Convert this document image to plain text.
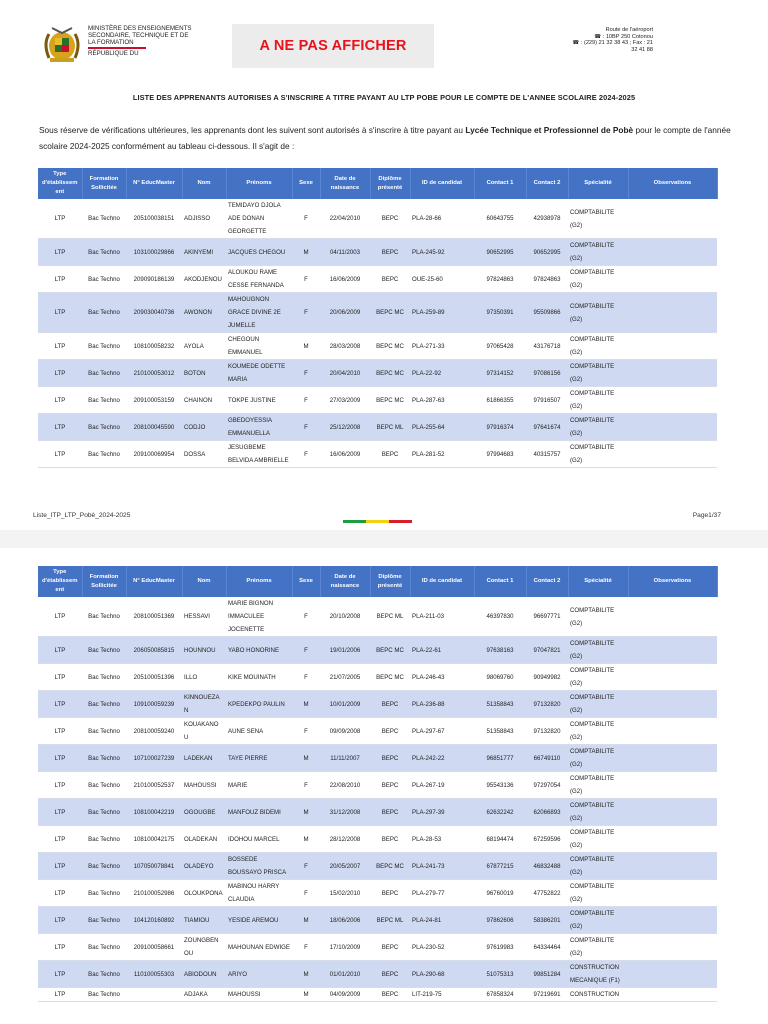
MINISTÈRE DES ENSEIGNEMENTS
SECONDAIRE, TECHNIQUE ET DE
LA FORMATION
RÉPUBLIQUE DU	A NE PAS AFFICHER
Route de l'aéroport
☎ : 10BP 250 Cotonou
☎ : (229) 21 32 38 43 ; Fax : 21
32 41 88
LISTE DES APPRENANTS AUTORISES A S'INSCRIRE A TITRE PAYANT AU LTP POBE POUR LE COMPTE DE L'ANNEE SCOLAIRE 2024-2025
Sous réserve de vérifications ultérieures, les apprenants dont les suivent sont autorisés à s'inscrire à titre payant au Lycée Technique et Professionnel de Pobè pour le compte de l'année scolaire 2024-2025 conformément au tableau ci-dessous. Il s'agit de :
Type d'établissem ent	Formation Sollicitée	N° EducMaster	Nom	Prénoms	Sexe	Date de naissance	Diplôme présenté	ID de candidat	Contact 1	Contact 2	Spécialité	Observations
LTP	Bac Techno	205100038151	ADJISSO	TEMIDAYO DJOLA ADE DONAN GEORGETTE	F	22/04/2010	BEPC	PLA-28-66	60643755	42938978	COMPTABILITE (G2)	
LTP	Bac Techno	103100029866	AKINYEMI	JACQUES CHEGOU	M	04/11/2003	BEPC	PLA-245-92	90652995	90652995	COMPTABILITE (G2)	
LTP	Bac Techno	209090186139	AKODJENOU	ALOUKOU RAME CESSE FERNANDA	F	16/06/2009	BEPC	OUE-25-60	97824863	97824863	COMPTABILITE (G2)	
LTP	Bac Techno	209030040736	AWONON	MAHOUGNON GRACE DIVINE 2E JUMELLE	F	20/06/2009	BEPC MC	PLA-259-89	97350391	95509866	COMPTABILITE (G2)	
LTP	Bac Techno	108100058232	AYOLA	CHEGOUN EMMANUEL	M	28/03/2008	BEPC MC	PLA-271-33	97065428	43176718	COMPTABILITE (G2)	
LTP	Bac Techno	210100053012	BOTON	KOUMEDE ODETTE MARIA	F	20/04/2010	BEPC MC	PLA-22-92	97314152	97086156	COMPTABILITE (G2)	
LTP	Bac Techno	209100053159	CHAINON	TOKPE JUSTINE	F	27/03/2009	BEPC MC	PLA-287-63	61866355	97916507	COMPTABILITE (G2)	
LTP	Bac Techno	208100045590	CODJO	GBEDOYESSIA EMMANUELLA	F	25/12/2008	BEPC ML	PLA-255-64	97916374	97641674	COMPTABILITE (G2)	
LTP	Bac Techno	209100069954	DOSSA	JESUGBEME BELVIDA AMBRIELLE	F	16/06/2009	BEPC	PLA-281-52	97994683	40315757	COMPTABILITE (G2)	
Liste_ITP_LTP_Pobè_2024-2025	Page1/37
Type d'établissem ent	Formation Sollicitée	N° EducMaster	Nom	Prénoms	Sexe	Date de naissance	Diplôme présenté	ID de candidat	Contact 1	Contact 2	Spécialité	Observations
LTP	Bac Techno	208100051369	HESSAVI	MARIE BIGNON IMMACULEE JOCENETTE	F	20/10/2008	BEPC ML	PLA-211-03	46397830	96697771	COMPTABILITE (G2)	
LTP	Bac Techno	206050085815	HOUNNOU	YABO HONORINE	F	19/01/2006	BEPC MC	PLA-22-61	97638163	97047821	COMPTABILITE (G2)	
LTP	Bac Techno	205100051396	ILLO	KIKE MOUINATH	F	21/07/2005	BEPC MC	PLA-246-43	98069760	90949982	COMPTABILITE (G2)	
LTP	Bac Techno	109100059239	KINNOUEZA N	KPEDEKPO PAULIN	M	10/01/2009	BEPC	PLA-236-88	51358843	97132820	COMPTABILITE (G2)	
LTP	Bac Techno	208100059240	KOUAKANO U	AUNE SENA	F	09/09/2008	BEPC	PLA-297-67	51358843	97132820	COMPTABILITE (G2)	
LTP	Bac Techno	107100027239	LADEKAN	TAYE PIERRE	M	11/11/2007	BEPC	PLA-242-22	96851777	66749110	COMPTABILITE (G2)	
LTP	Bac Techno	210100052537	MAHOUSSI	MARIE	F	22/08/2010	BEPC	PLA-267-19	95543136	97297054	COMPTABILITE (G2)	
LTP	Bac Techno	108100042219	OGOUGBE	MANFOUZ BIDEMI	M	31/12/2008	BEPC	PLA-297-39	62632242	62066893	COMPTABILITE (G2)	
LTP	Bac Techno	108100042175	OLADEKAN	IDOHOU MARCEL	M	28/12/2008	BEPC	PLA-28-53	68194474	67259596	COMPTABILITE (G2)	
LTP	Bac Techno	107050078841	OLADEYO	BOSSEDE BOUSSAYO PRISCA	F	20/05/2007	BEPC MC	PLA-241-73	67877215	46832488	COMPTABILITE (G2)	
LTP	Bac Techno	210100052986	OLOUKPONA	MABINOU HARRY CLAUDIA	F	15/02/2010	BEPC	PLA-279-77	96760019	47752822	COMPTABILITE (G2)	
LTP	Bac Techno	104120160892	TIAMIOU	YESIDE AREMOU	M	18/06/2006	BEPC ML	PLA-24-81	97862606	58386201	COMPTABILITE (G2)	
LTP	Bac Techno	209100058661	ZOUNGBEN OU	MAHOUNAN EDWIGE	F	17/10/2009	BEPC	PLA-230-52	97619983	64334464	COMPTABILITE (G2)	
LTP	Bac Techno	110100055303	ABIODOUN	ARIYO	M	01/01/2010	BEPC	PLA-290-68	51075313	99851284	CONSTRUCTION MECANIQUE (F1)	
LTP	Bac Techno		ADJAKA	MAHOUSSI	M	04/09/2009	BEPC	LIT-219-75	67858324	97219691	CONSTRUCTION	
